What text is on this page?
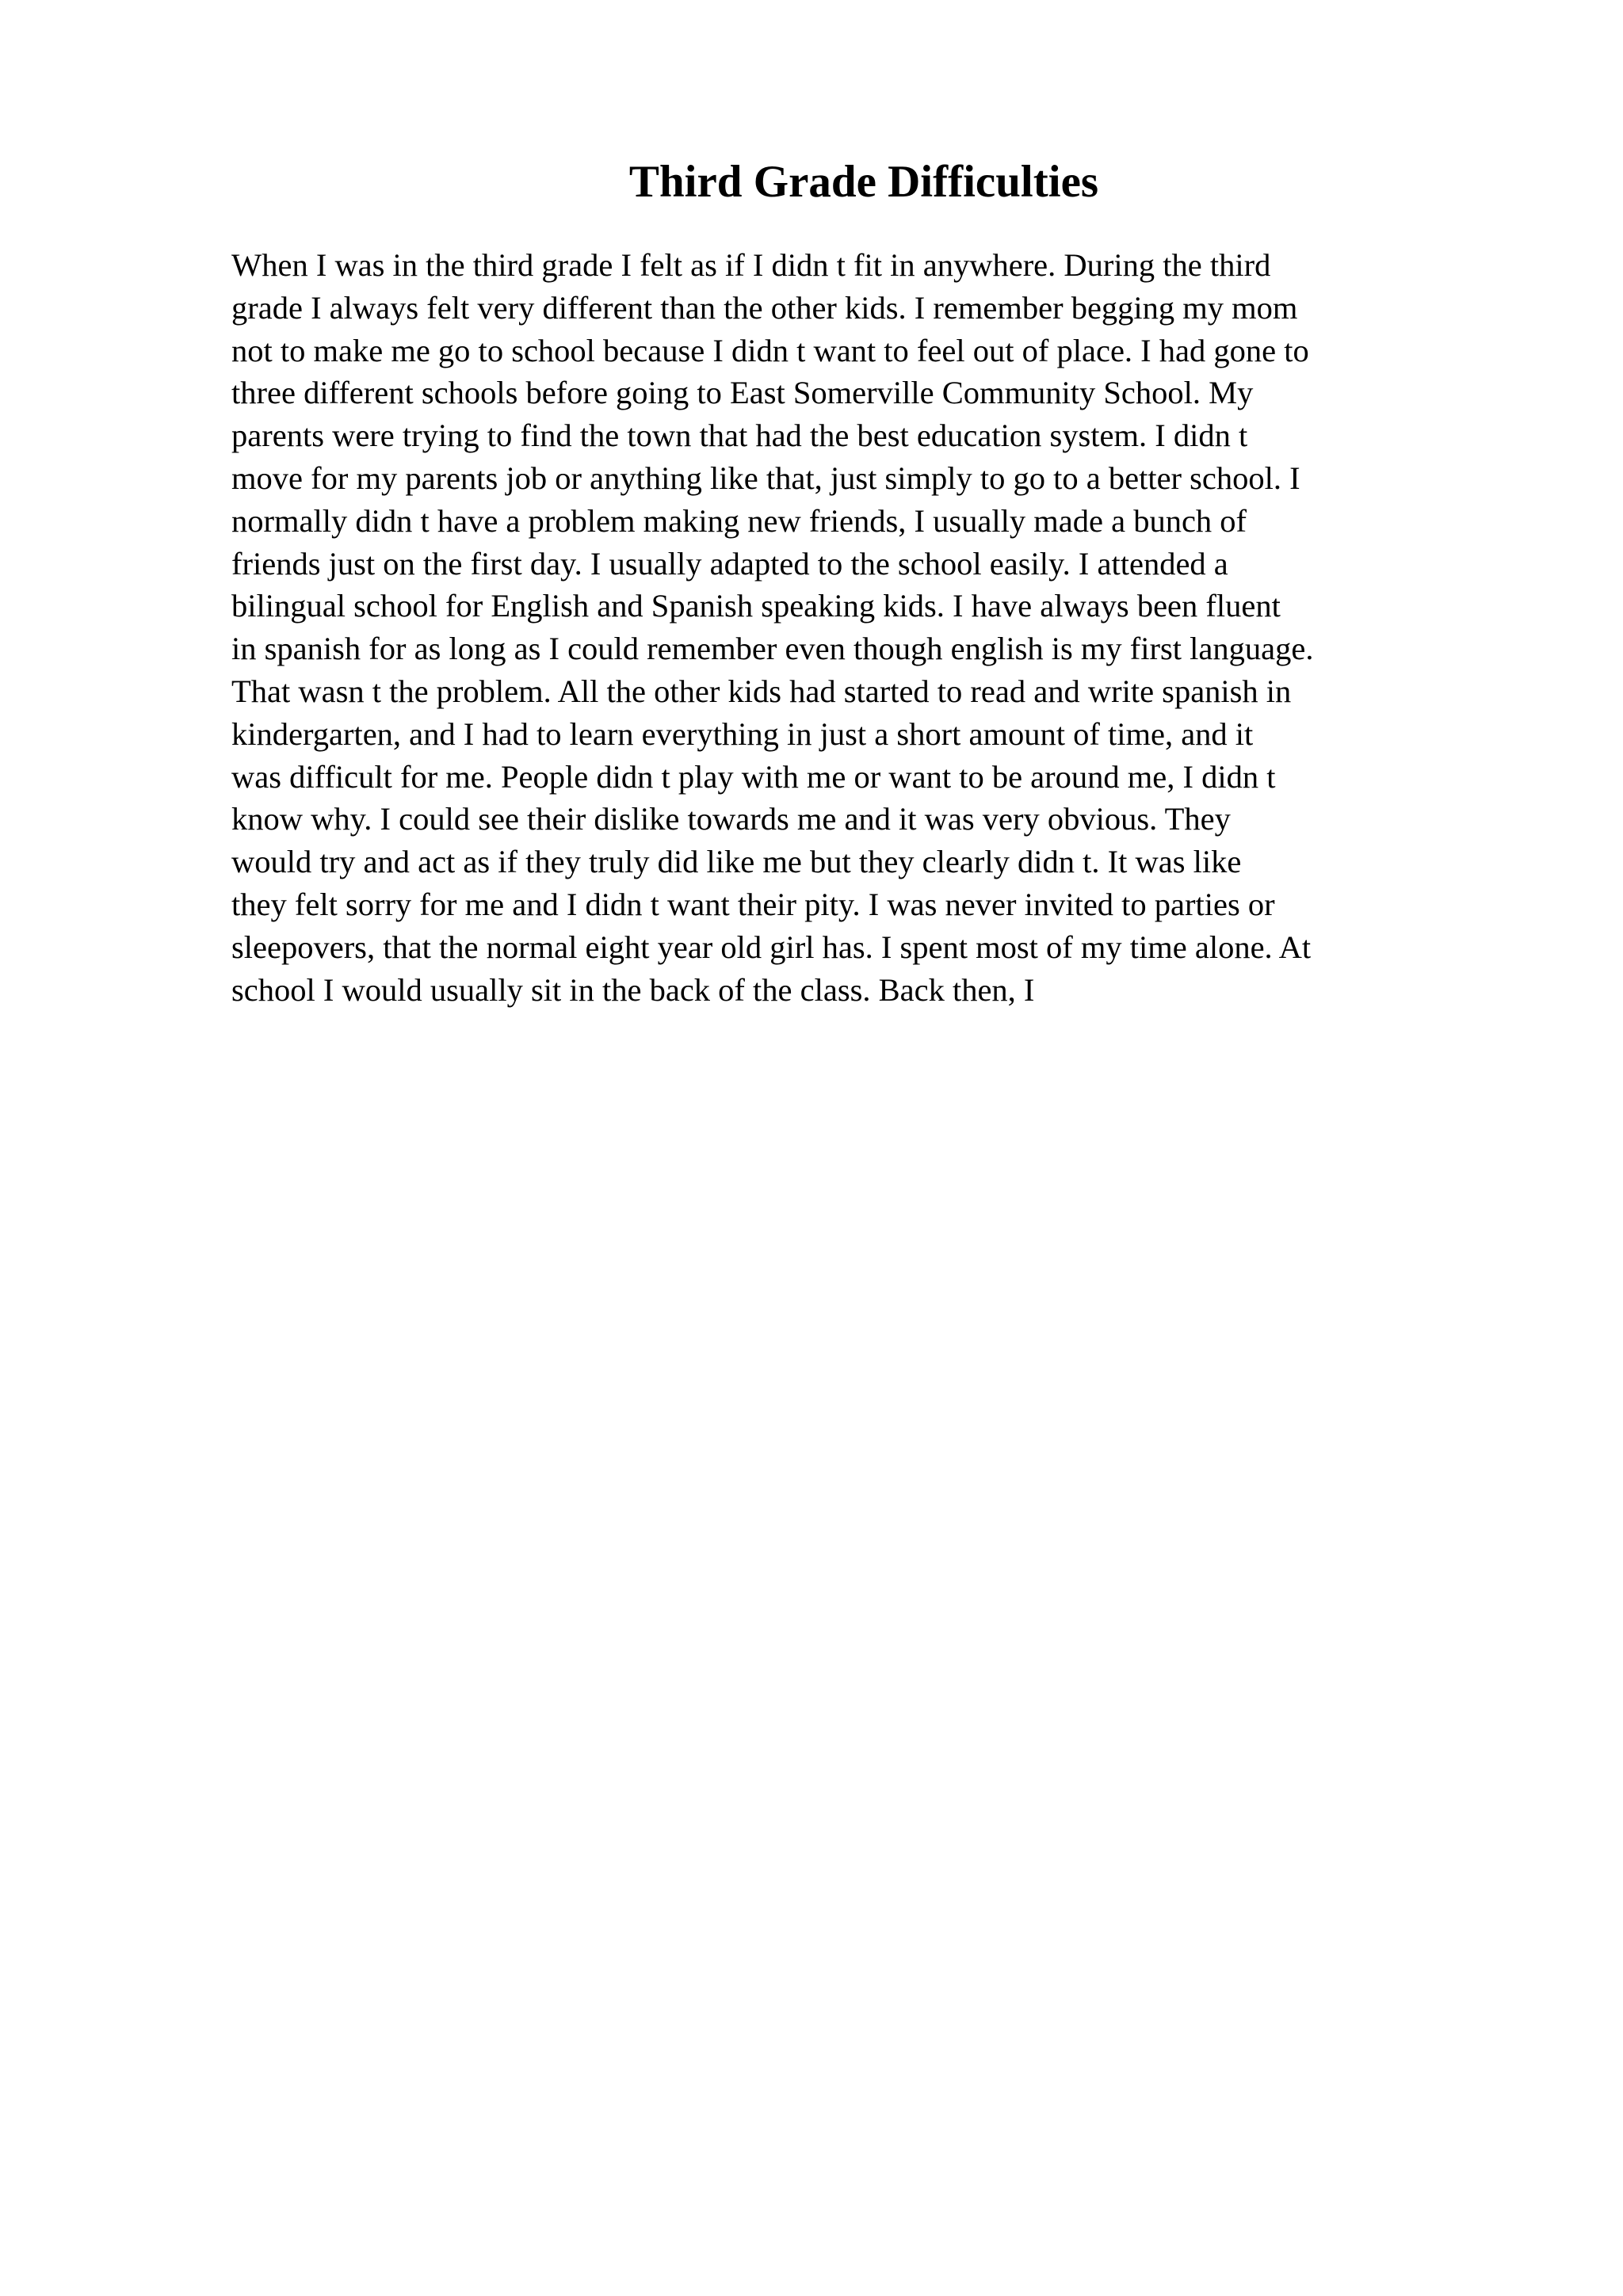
Third Grade Difficulties
When I was in the third grade I felt as if I didn t fit in anywhere. During the third
grade I always felt very different than the other kids. I remember begging my mom
not to make me go to school because I didn t want to feel out of place. I had gone to
three different schools before going to East Somerville Community School. My
parents were trying to find the town that had the best education system. I didn t
move for my parents job or anything like that, just simply to go to a better school. I
normally didn t have a problem making new friends, I usually made a bunch of
friends just on the first day. I usually adapted to the school easily. I attended a
bilingual school for English and Spanish speaking kids. I have always been fluent
in spanish for as long as I could remember even though english is my first language.
That wasn t the problem. All the other kids had started to read and write spanish in
kindergarten, and I had to learn everything in just a short amount of time, and it
was difficult for me. People didn t play with me or want to be around me, I didn t
know why. I could see their dislike towards me and it was very obvious. They
would try and act as if they truly did like me but they clearly didn t. It was like
they felt sorry for me and I didn t want their pity. I was never invited to parties or
sleepovers, that the normal eight year old girl has. I spent most of my time alone. At
school I would usually sit in the back of the class. Back then, I
